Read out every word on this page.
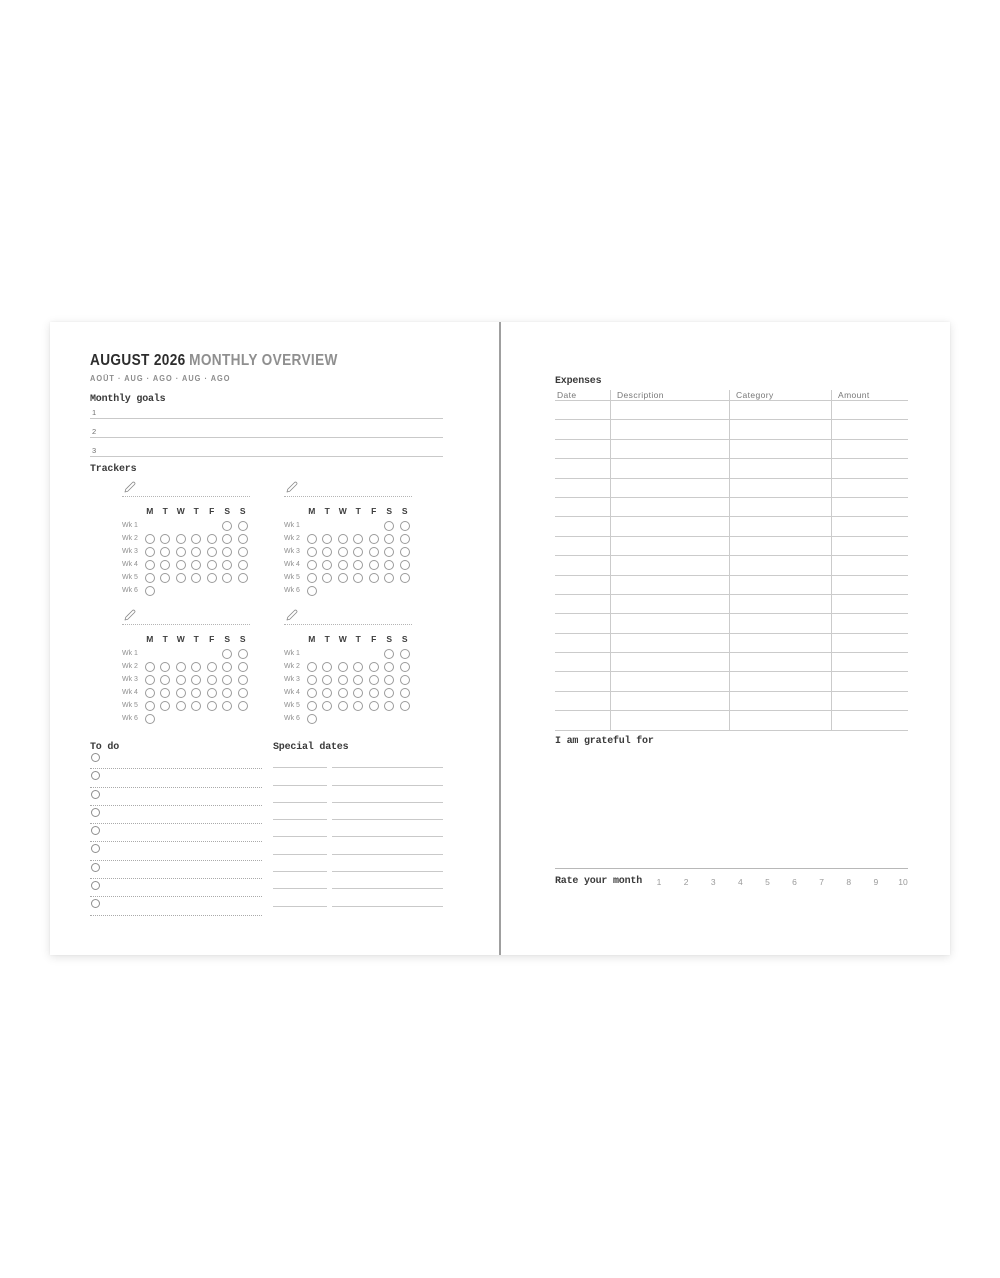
AUGUST 2026 MONTHLY OVERVIEW
AOÛT · AUG · AGO · AUG · AGO
Monthly goals
1
2
3
Trackers
M T W T F S S
Wk 1
Wk 2
Wk 3
Wk 4
Wk 5
Wk 6
M T W T F S S
Wk 1
Wk 2
Wk 3
Wk 4
Wk 5
Wk 6
M T W T F S S
Wk 1
Wk 2
Wk 3
Wk 4
Wk 5
Wk 6
M T W T F S S
Wk 1
Wk 2
Wk 3
Wk 4
Wk 5
Wk 6
To do	Special dates
Expenses
Date	Description	Category	Amount
I am grateful for
Rate your month	1	2	3	4	5	6	7	8	9	10
